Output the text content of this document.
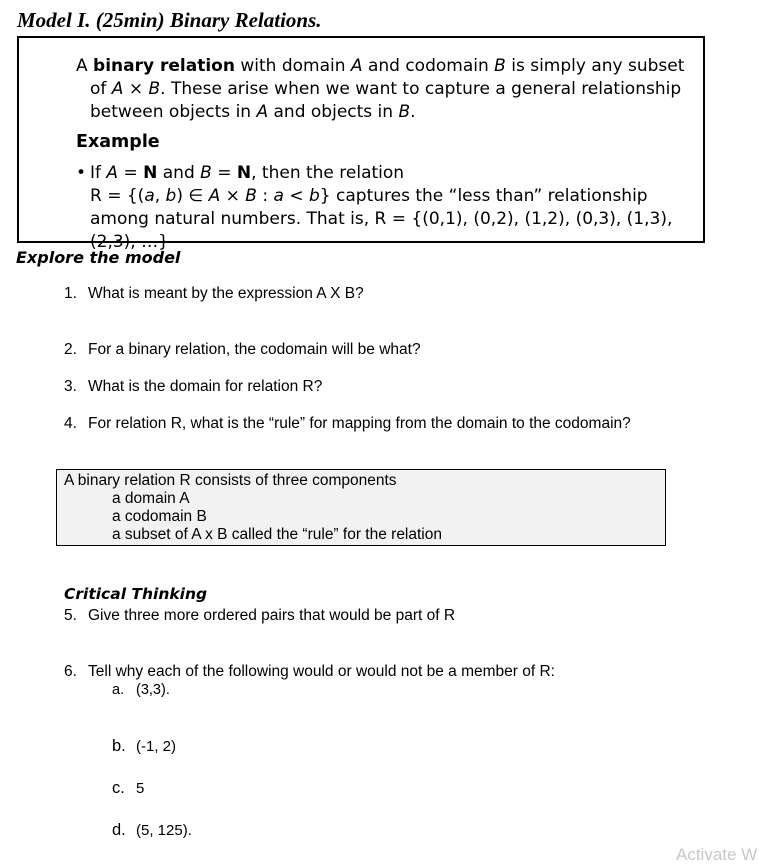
Model I. (25min) Binary Relations.
A binary relation with domain A and codomain B is simply any subset of A × B. These arise when we want to capture a general relationship between objects in A and objects in B.
Example
• If A = N and B = N, then the relation
R = {(a, b) ∈ A × B : a < b} captures the “less than” relationship among natural numbers. That is, R = {(0,1), (0,2), (1,2), (0,3), (1,3), (2,3), …}
Explore the model
1. What is meant by the expression A X B?
2. For a binary relation, the codomain will be what?
3. What is the domain for relation R?
4. For relation R, what is the “rule” for mapping from the domain to the codomain?
A binary relation R consists of three components
a domain A
a codomain B
a subset of A x B called the “rule” for the relation
Critical Thinking
5. Give three more ordered pairs that would be part of R
6. Tell why each of the following would or would not be a member of R:
a. (3,3).
b. (-1, 2)
c. 5
d. (5, 125).
Activate W
